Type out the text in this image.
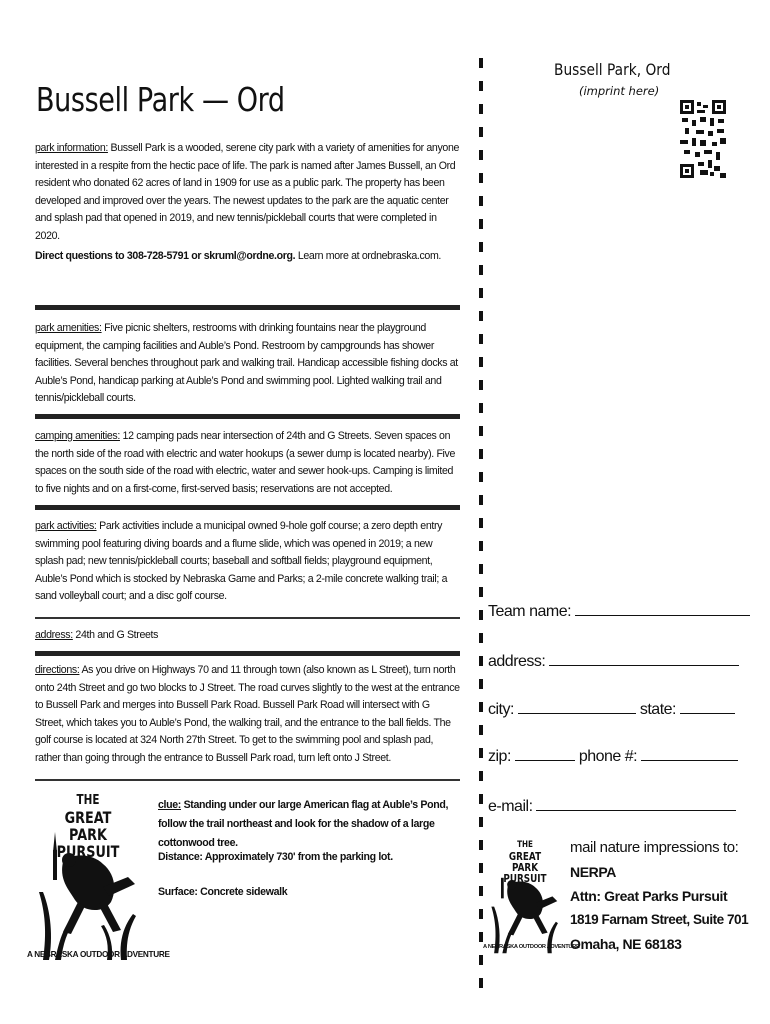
Bussell Park — Ord
park information: Bussell Park is a wooded, serene city park with a variety of amenities for anyone interested in a respite from the hectic pace of life. The park is named after James Bussell, an Ord resident who donated 62 acres of land in 1909 for use as a public park. The property has been developed and improved over the years. The newest updates to the park are the aquatic center and splash pad that opened in 2019, and new tennis/pickleball courts that were completed in 2020.
Direct questions to 308-728-5791 or skruml@ordne.org. Learn more at ordnebraska.com.
park amenities: Five picnic shelters, restrooms with drinking fountains near the playground equipment, the camping facilities and Auble’s Pond. Restroom by campgrounds has shower facilities. Several benches throughout park and walking trail. Handicap accessible fishing docks at Auble’s Pond, handicap parking at Auble’s Pond and swimming pool. Lighted walking trail and tennis/pickleball courts.
camping amenities: 12 camping pads near intersection of 24th and G Streets. Seven spaces on the north side of the road with electric and water hookups (a sewer dump is located nearby). Five spaces on the south side of the road with electric, water and sewer hook-ups. Camping is limited to five nights and on a first-come, first-served basis; reservations are not accepted.
park activities: Park activities include a municipal owned 9-hole golf course; a zero depth entry swimming pool featuring diving boards and a flume slide, which was opened in 2019; a new splash pad; new tennis/pickleball courts; baseball and softball fields; playground equipment, Auble’s Pond which is stocked by Nebraska Game and Parks; a 2-mile concrete walking trail; a sand volleyball court; and a disc golf course.
address: 24th and G Streets
directions: As you drive on Highways 70 and 11 through town (also known as L Street), turn north onto 24th Street and go two blocks to J Street. The road curves slightly to the west at the entrance to Bussell Park and merges into Bussell Park Road. Bussell Park Road will intersect with G Street, which takes you to Auble’s Pond, the walking trail, and the entrance to the ball fields. The golf course is located at 324 North 27th Street. To get to the swimming pool and splash pad, rather than going through the entrance to Bussell Park road, turn left onto J Street.
THE
GREAT PARK
PURSUIT
A NEBRASKA OUTDOOR ADVENTURE
clue: Standing under our large American flag at Auble’s Pond, follow the trail northeast and look for the shadow of a large cottonwood tree.
Distance: Approximately 730' from the parking lot.
Surface: Concrete sidewalk
Bussell Park, Ord
(imprint here)
Team name:
address:
city:	state:
zip:	phone #:
e-mail:
THE
GREAT PARK
PURSUIT
A NEBRASKA OUTDOOR ADVENTURE
mail nature impressions to:
NERPA
Attn: Great Parks Pursuit
1819 Farnam Street, Suite 701
Omaha, NE 68183
